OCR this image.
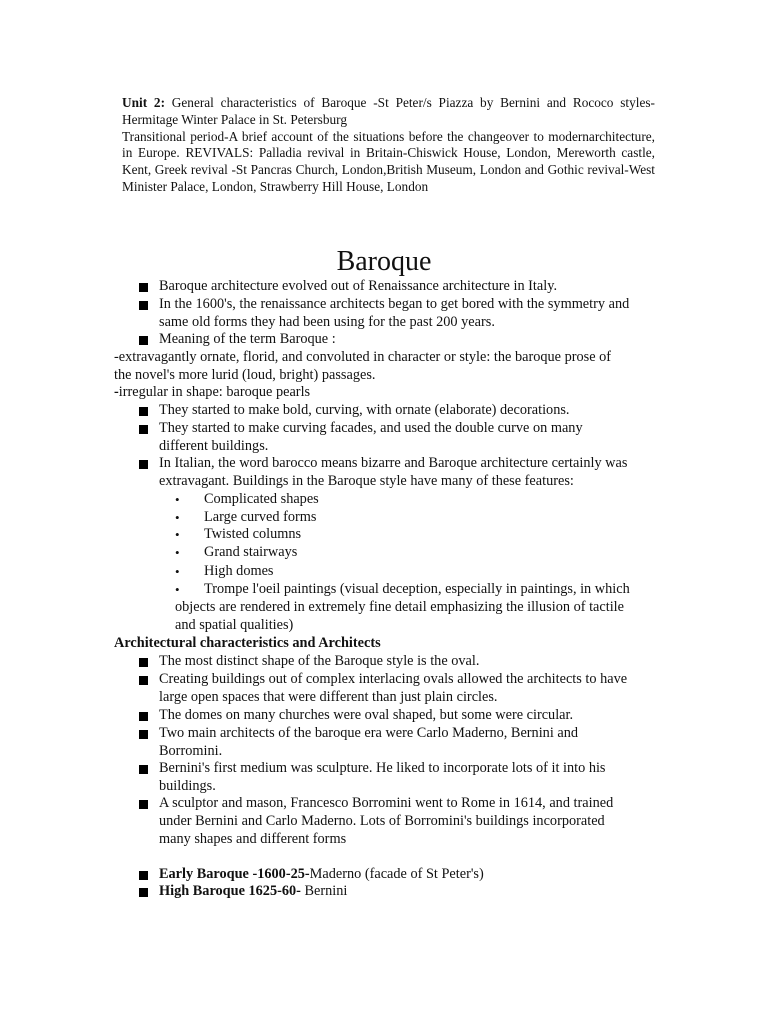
Unit 2: General characteristics of Baroque -St Peter/s Piazza by Bernini and Rococo styles-Hermitage Winter Palace in St. Petersburg

Transitional period-A brief account of the situations before the changeover to modernarchitecture, in Europe. REVIVALS: Palladia revival in Britain-Chiswick House, London, Mereworth castle, Kent, Greek revival -St Pancras Church, London,British Museum, London and Gothic revival-West Minister Palace, London, Strawberry Hill House, London

Baroque
Baroque architecture evolved out of Renaissance architecture in Italy.
In the 1600's, the renaissance architects began to get bored with the symmetry and
same old forms they had been using for the past 200 years.
Meaning of the term Baroque :
-extravagantly ornate, florid, and convoluted in character or style: the baroque prose of
the novel's more lurid (loud, bright) passages.
-irregular in shape: baroque pearls
They started to make bold, curving, with ornate (elaborate) decorations.
They started to make curving facades, and used the double curve on many
different buildings.
In Italian, the word barocco means bizarre and Baroque architecture certainly was
extravagant. Buildings in the Baroque style have many of these features:
• Complicated shapes
• Large curved forms
• Twisted columns
• Grand stairways
• High domes
• Trompe l'oeil paintings (visual deception, especially in paintings, in which
objects are rendered in extremely fine detail emphasizing the illusion of tactile
and spatial qualities)
Architectural characteristics and Architects
The most distinct shape of the Baroque style is the oval.
Creating buildings out of complex interlacing ovals allowed the architects to have
large open spaces that were different than just plain circles.
The domes on many churches were oval shaped, but some were circular.
Two main architects of the baroque era were Carlo Maderno, Bernini and
Borromini.
Bernini's first medium was sculpture. He liked to incorporate lots of it into his
buildings.
A sculptor and mason, Francesco Borromini went to Rome in 1614, and trained
under Bernini and Carlo Maderno. Lots of Borromini's buildings incorporated
many shapes and different forms
Early Baroque -1600-25-Maderno (facade of St Peter's)
High Baroque 1625-60- Bernini
